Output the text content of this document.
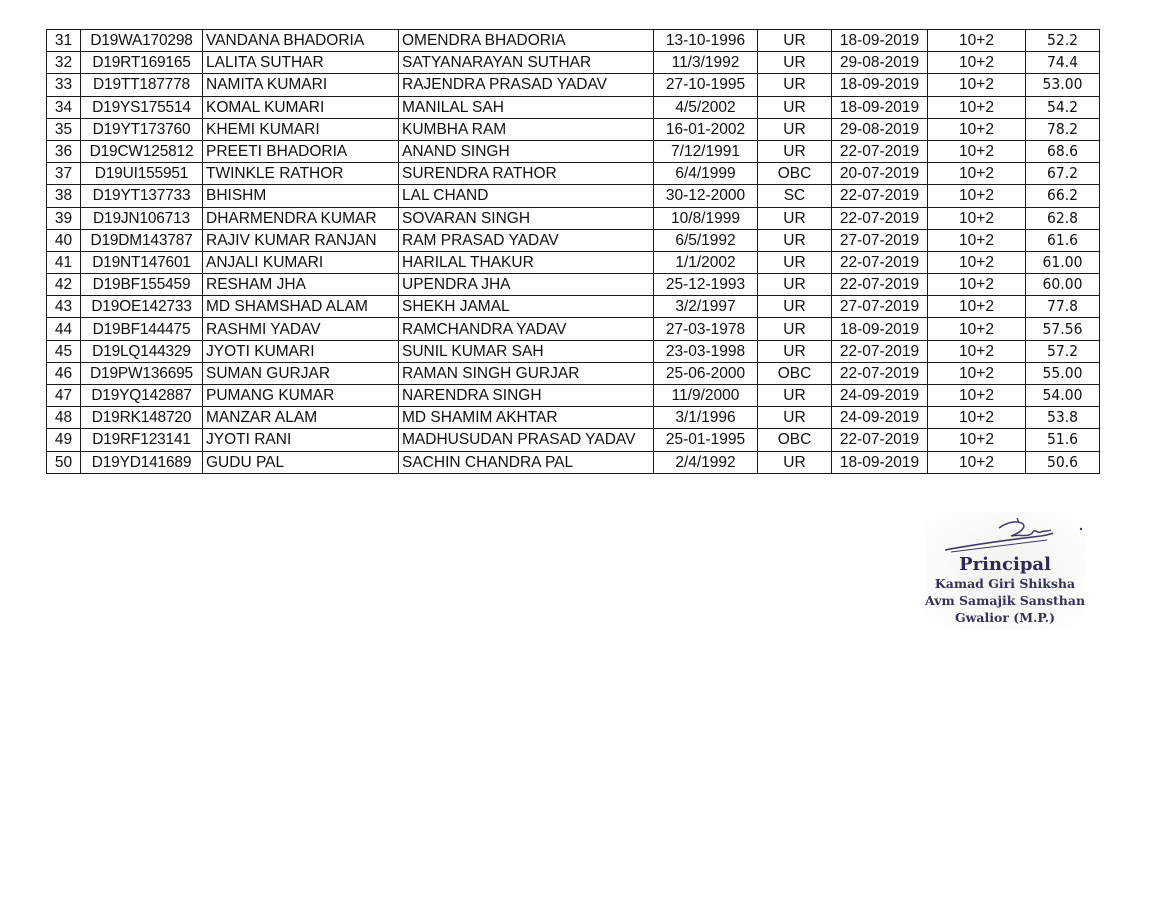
31	D19WA170298	VANDANA BHADORIA	OMENDRA BHADORIA	13-10-1996	UR	18-09-2019	10+2	52.2
32	D19RT169165	LALITA SUTHAR	SATYANARAYAN SUTHAR	11/3/1992	UR	29-08-2019	10+2	74.4
33	D19TT187778	NAMITA KUMARI	RAJENDRA PRASAD YADAV	27-10-1995	UR	18-09-2019	10+2	53.00
34	D19YS175514	KOMAL KUMARI	MANILAL SAH	4/5/2002	UR	18-09-2019	10+2	54.2
35	D19YT173760	KHEMI KUMARI	KUMBHA RAM	16-01-2002	UR	29-08-2019	10+2	78.2
36	D19CW125812	PREETI BHADORIA	ANAND SINGH	7/12/1991	UR	22-07-2019	10+2	68.6
37	D19UI155951	TWINKLE RATHOR	SURENDRA RATHOR	6/4/1999	OBC	20-07-2019	10+2	67.2
38	D19YT137733	BHISHM	LAL CHAND	30-12-2000	SC	22-07-2019	10+2	66.2
39	D19JN106713	DHARMENDRA KUMAR	SOVARAN SINGH	10/8/1999	UR	22-07-2019	10+2	62.8
40	D19DM143787	RAJIV KUMAR RANJAN	RAM PRASAD YADAV	6/5/1992	UR	27-07-2019	10+2	61.6
41	D19NT147601	ANJALI KUMARI	HARILAL THAKUR	1/1/2002	UR	22-07-2019	10+2	61.00
42	D19BF155459	RESHAM JHA	UPENDRA JHA	25-12-1993	UR	22-07-2019	10+2	60.00
43	D19OE142733	MD SHAMSHAD ALAM	SHEKH JAMAL	3/2/1997	UR	27-07-2019	10+2	77.8
44	D19BF144475	RASHMI YADAV	RAMCHANDRA YADAV	27-03-1978	UR	18-09-2019	10+2	57.56
45	D19LQ144329	JYOTI KUMARI	SUNIL KUMAR SAH	23-03-1998	UR	22-07-2019	10+2	57.2
46	D19PW136695	SUMAN GURJAR	RAMAN SINGH GURJAR	25-06-2000	OBC	22-07-2019	10+2	55.00
47	D19YQ142887	PUMANG KUMAR	NARENDRA SINGH	11/9/2000	UR	24-09-2019	10+2	54.00
48	D19RK148720	MANZAR ALAM	MD SHAMIM AKHTAR	3/1/1996	UR	24-09-2019	10+2	53.8
49	D19RF123141	JYOTI RANI	MADHUSUDAN PRASAD YADAV	25-01-1995	OBC	22-07-2019	10+2	51.6
50	D19YD141689	GUDU PAL	SACHIN CHANDRA PAL	2/4/1992	UR	18-09-2019	10+2	50.6
Principal
Kamad Giri Shiksha
Avm Samajik Sansthan
Gwalior (M.P.)
